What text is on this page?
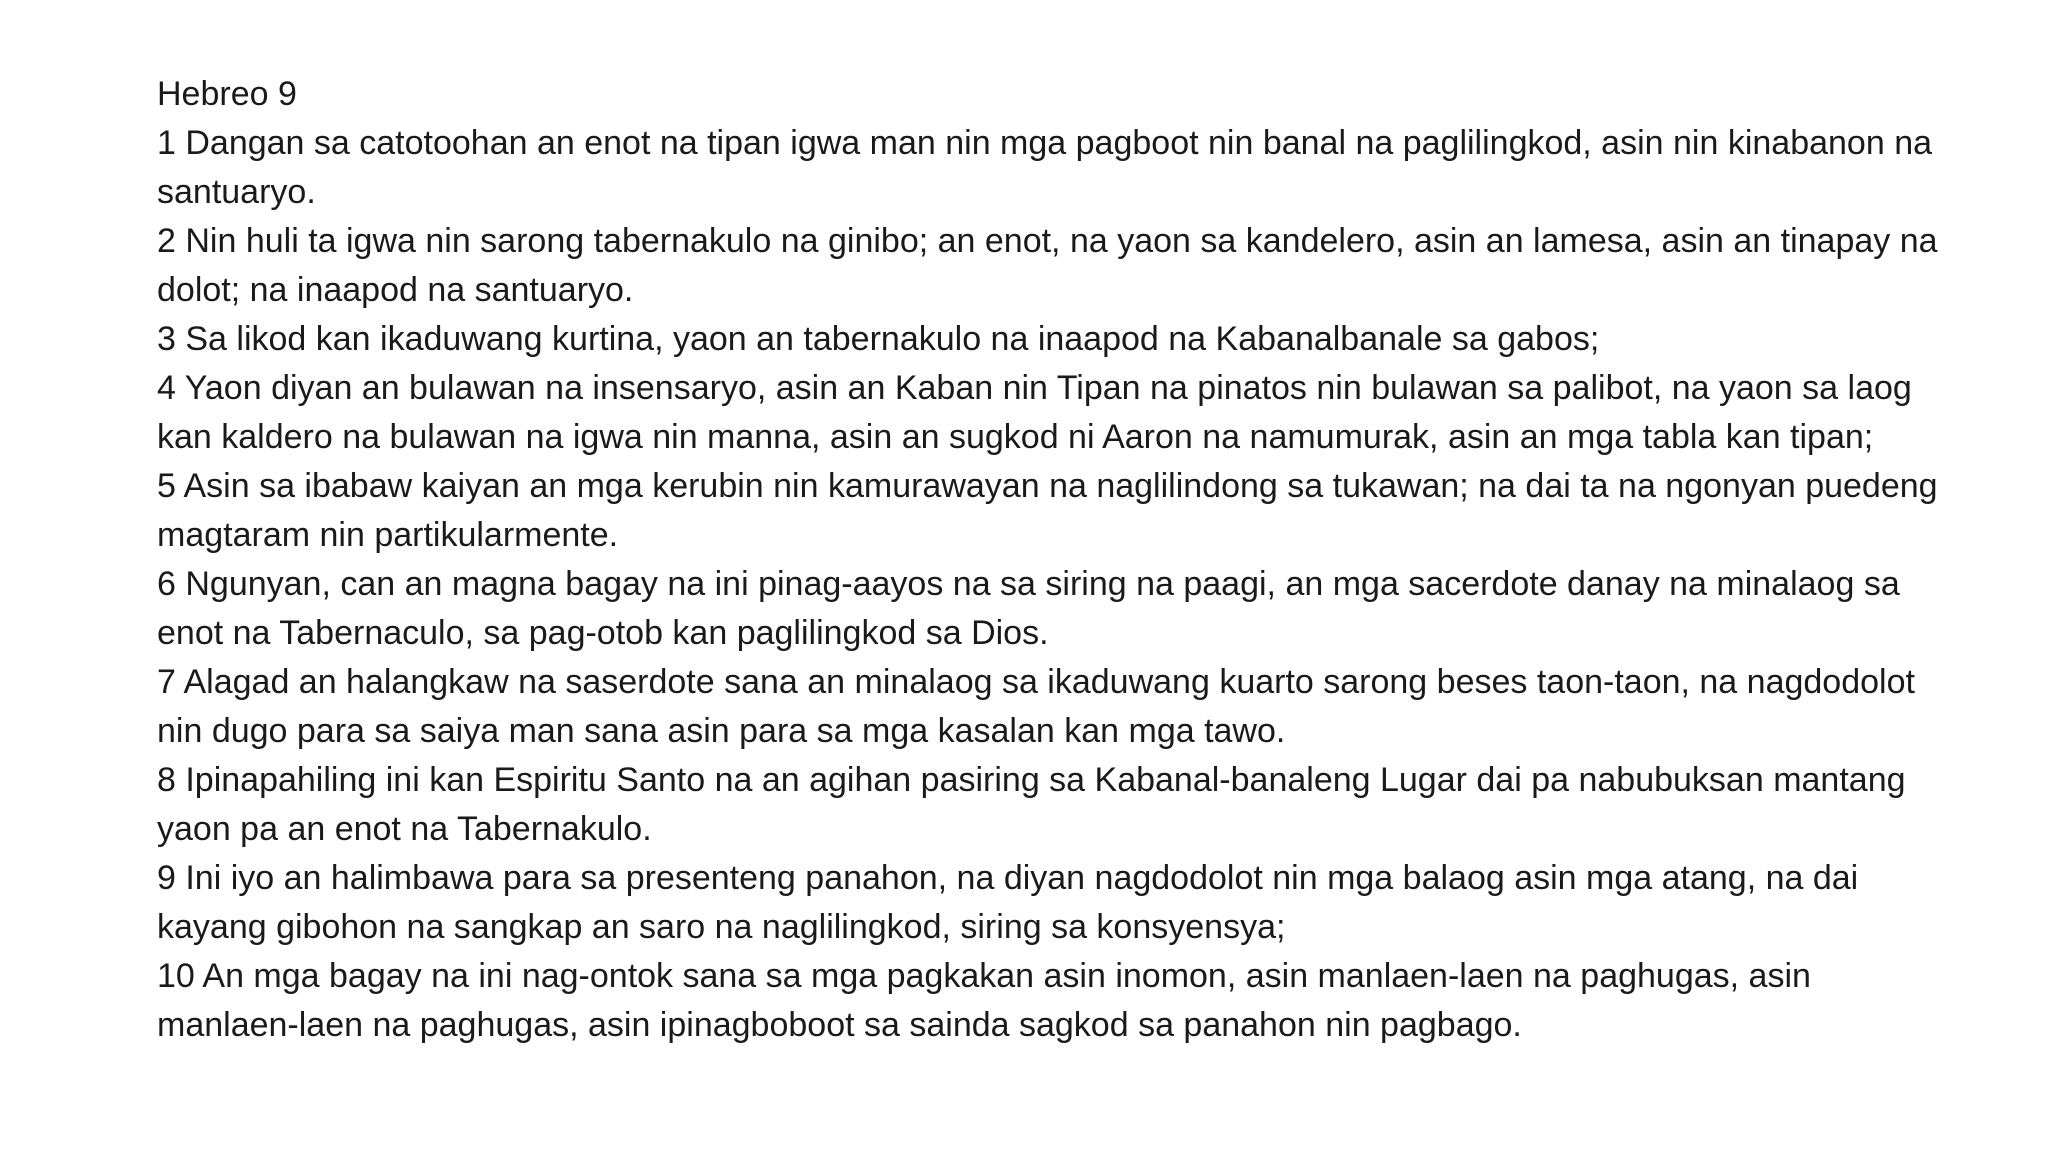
Hebreo 9

1 Dangan sa catotoohan an enot na tipan igwa man nin mga pagboot nin banal na paglilingkod, asin nin kinabanon na santuaryo.

2 Nin huli ta igwa nin sarong tabernakulo na ginibo; an enot, na yaon sa kandelero, asin an lamesa, asin an tinapay na dolot; na inaapod na santuaryo.

3 Sa likod kan ikaduwang kurtina, yaon an tabernakulo na inaapod na Kabanalbanale sa gabos;

4 Yaon diyan an bulawan na insensaryo, asin an Kaban nin Tipan na pinatos nin bulawan sa palibot, na yaon sa laog kan kaldero na bulawan na igwa nin manna, asin an sugkod ni Aaron na namumurak, asin an mga tabla kan tipan;

5 Asin sa ibabaw kaiyan an mga kerubin nin kamurawayan na naglilindong sa tukawan; na dai ta na ngonyan puedeng magtaram nin partikularmente.

6 Ngunyan, can an magna bagay na ini pinag-aayos na sa siring na paagi, an mga sacerdote danay na minalaog sa enot na Tabernaculo, sa pag-otob kan paglilingkod sa Dios.

7 Alagad an halangkaw na saserdote sana an minalaog sa ikaduwang kuarto sarong beses taon-taon, na nagdodolot nin dugo para sa saiya man sana asin para sa mga kasalan kan mga tawo.

8 Ipinapahiling ini kan Espiritu Santo na an agihan pasiring sa Kabanal-banaleng Lugar dai pa nabubuksan mantang yaon pa an enot na Tabernakulo.

9 Ini iyo an halimbawa para sa presenteng panahon, na diyan nagdodolot nin mga balaog asin mga atang, na dai kayang gibohon na sangkap an saro na naglilingkod, siring sa konsyensya;

10 An mga bagay na ini nag-ontok sana sa mga pagkakan asin inomon, asin manlaen-laen na paghugas, asin manlaen-laen na paghugas, asin ipinagboboot sa sainda sagkod sa panahon nin pagbago.
